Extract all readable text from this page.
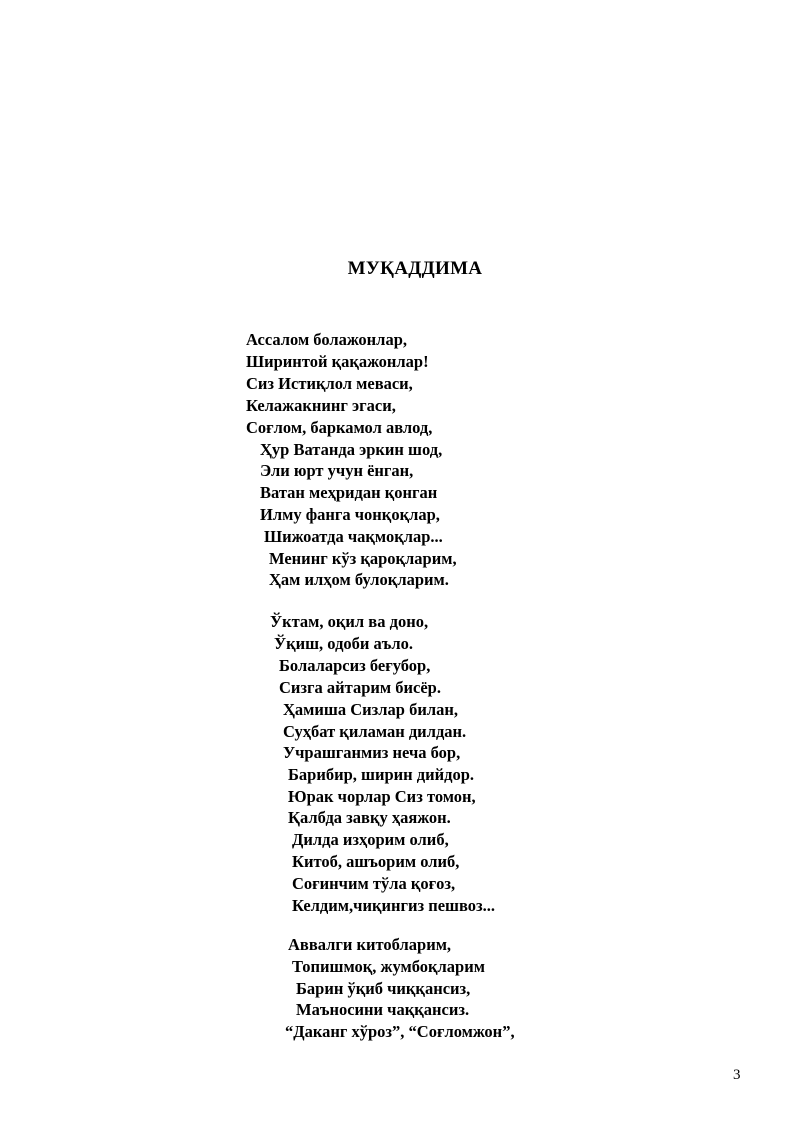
МУҚАДДИМА
Ассалом болажонлар,
Ширинтой қақажонлар!
Сиз Истиқлол меваси,
Келажакнинг эгаси,
Соғлом, баркамол авлод,
Ҳур Ватанда эркин шод,
Эли юрт учун ёнган,
Ватан меҳридан қонган
Илму фанга чонқоқлар,
Шижоатда чақмоқлар...
Менинг кўз қароқларим,
Ҳам илҳом булоқларим.
Ўктам, оқил ва доно,
Ўқиш, одоби аъло.
Болаларсиз беғубор,
Сизга айтарим бисёр.
Ҳамиша Сизлар билан,
Суҳбат қиламан дилдан.
Учрашганмиз неча бор,
Барибир, ширин дийдор.
Юрак чорлар Сиз томон,
Қалбда завқу ҳаяжон.
Дилда изҳорим олиб,
Китоб, ашъорим олиб,
Соғинчим тўла қоғоз,
Келдим,чиқингиз пешвоз...
Аввалги китобларим,
Топишмоқ, жумбоқларим
Барин ўқиб чиққансиз,
Маъносини чаққансиз.
“Даканг хўроз”, “Соғломжон”,
3
